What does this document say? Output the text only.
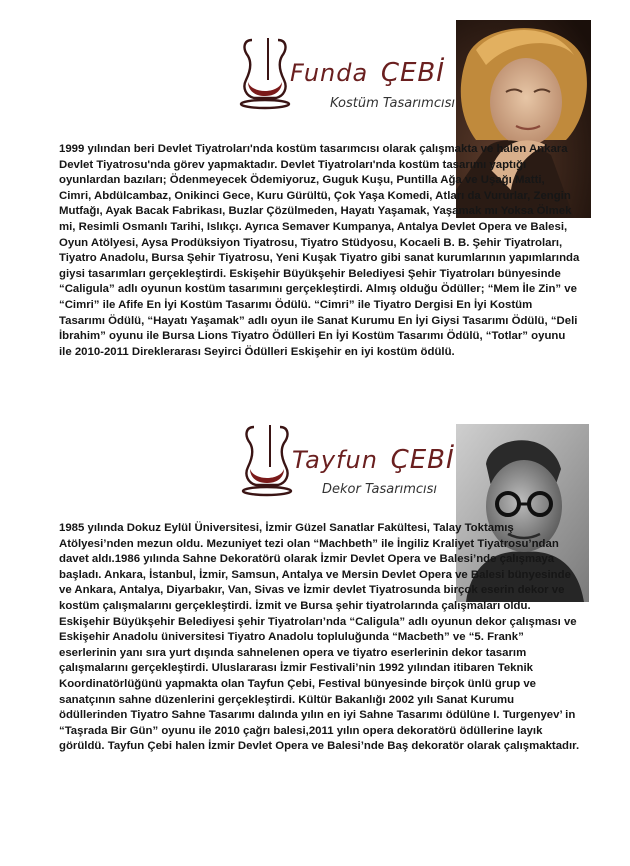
Funda ÇEBİ
Kostüm Tasarımcısı
1999 yılından beri Devlet Tiyatroları'nda kostüm tasarımcısı olarak çalışmakta ve halen Ankara Devlet Tiyatrosu'nda görev yapmaktadır. Devlet Tiyatroları'nda kostüm tasarımı yaptığı oyunlardan bazıları; Ödenmeyecek Ödemiyoruz, Guguk Kuşu, Puntilla Ağa ve Uşağı Matti, Cimri, Abdülcambaz, Onikinci Gece, Kuru Gürültü, Çok Yaşa Komedi, Atları da Vururlar, Zengin Mutfağı, Ayak Bacak Fabrikası, Buzlar Çözülmeden, Hayatı Yaşamak, Yaşamak mı Yoksa Ölmek mi, Resimli Osmanlı Tarihi, Islıkçı. Ayrıca Semaver Kumpanya, Antalya Devlet Opera ve Balesi, Oyun Atölyesi, Aysa Prodüksiyon Tiyatrosu, Tiyatro Stüdyosu, Kocaeli B. B. Şehir Tiyatroları, Tiyatro Anadolu, Bursa Şehir Tiyatrosu, Yeni Kuşak Tiyatro gibi sanat kurumlarının yapımlarında giysi tasarımları gerçekleştirdi. Eskişehir Büyükşehir Belediyesi Şehir Tiyatroları bünyesinde “Caligula” adlı oyunun kostüm tasarımını gerçekleştirdi. Almış olduğu Ödüller; “Mem İle Zin” ve “Cimri” ile Afife En İyi Kostüm Tasarımı Ödülü. “Cimri” ile Tiyatro Dergisi En İyi Kostüm Tasarımı Ödülü, “Hayatı Yaşamak” adlı oyun ile Sanat Kurumu En İyi Giysi Tasarımı Ödülü, “Deli İbrahim” oyunu ile Bursa Lions Tiyatro Ödülleri En İyi Kostüm Tasarımı Ödülü, “Totlar” oyunu ile 2010-2011 Direklerarası Seyirci Ödülleri Eskişehir en iyi kostüm ödülü.
Tayfun ÇEBİ
Dekor Tasarımcısı
1985 yılında Dokuz Eylül Üniversitesi, İzmir Güzel Sanatlar Fakültesi, Talay Toktamış Atölyesi’nden mezun oldu. Mezuniyet tezi olan “Machbeth” ile İngiliz Kraliyet Tiyatrosu’ndan davet aldı.1986 yılında Sahne Dekoratörü olarak İzmir Devlet Opera ve Balesi’nde çalışmaya başladı. Ankara, İstanbul, İzmir, Samsun, Antalya ve Mersin Devlet Opera ve Balesi bünyesinde ve Ankara, Antalya, Diyarbakır, Van, Sivas ve İzmir devlet Tiyatrosunda birçok eserin dekor ve kostüm çalışmalarını gerçekleştirdi. İzmit ve Bursa şehir tiyatrolarında çalışmaları oldu. Eskişehir Büyükşehir Belediyesi şehir Tiyatroları’nda “Caligula” adlı oyunun dekor çalışması ve Eskişehir Anadolu üniversitesi Tiyatro Anadolu topluluğunda “Macbeth” ve “5. Frank” eserlerinin yanı sıra yurt dışında sahnelenen opera ve tiyatro eserlerinin dekor tasarım çalışmalarını gerçekleştirdi. Uluslararası İzmir Festivali’nin 1992 yılından itibaren Teknik Koordinatörlüğünü yapmakta olan Tayfun Çebi, Festival bünyesinde birçok ünlü grup ve sanatçının sahne düzenlerini gerçekleştirdi. Kültür Bakanlığı 2002 yılı Sanat Kurumu ödüllerinden Tiyatro Sahne Tasarımı dalında yılın en iyi Sahne Tasarımı ödülüne I. Turgenyev’ in “Taşrada Bir Gün” oyunu ile 2010 çağrı balesi,2011 yılın opera dekoratörü ödüllerine layık görüldü. Tayfun Çebi halen İzmir Devlet Opera ve Balesi’nde Baş dekoratör olarak çalışmaktadır.
